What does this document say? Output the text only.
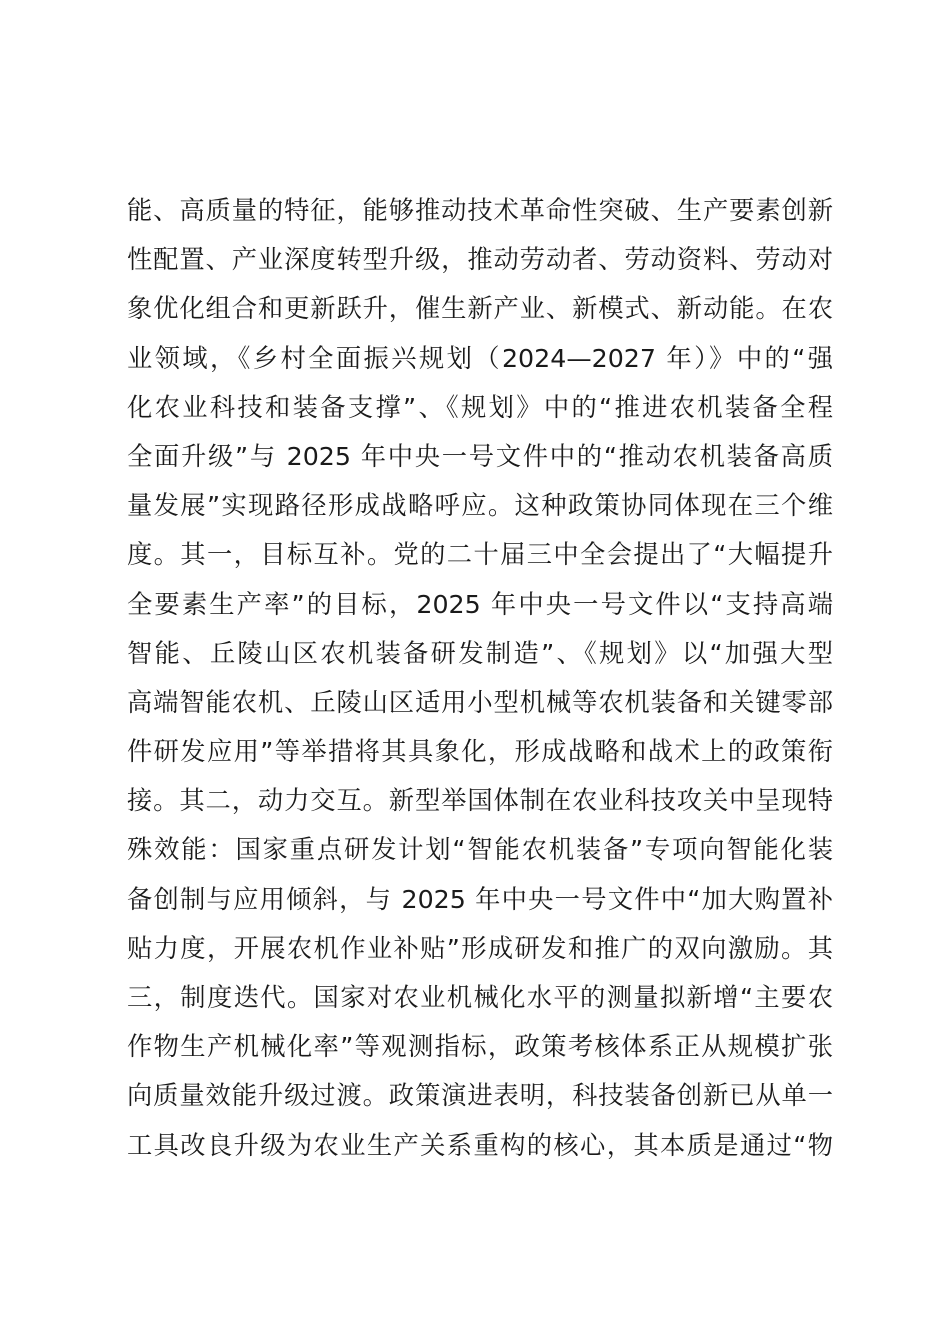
能、高质量的特征，能够推动技术革命性突破、生产要素创新
性配置、产业深度转型升级，推动劳动者、劳动资料、劳动对
象优化组合和更新跃升，催生新产业、新模式、新动能。在农
业领域，《乡村全面振兴规划（2024—2027 年）》中的“强
化农业科技和装备支撑”、《规划》中的“推进农机装备全程
全面升级”与 2025 年中央一号文件中的“推动农机装备高质
量发展”实现路径形成战略呼应。这种政策协同体现在三个维
度。其一，目标互补。党的二十届三中全会提出了“大幅提升
全要素生产率”的目标，2025 年中央一号文件以“支持高端
智能、丘陵山区农机装备研发制造”、《规划》以“加强大型
高端智能农机、丘陵山区适用小型机械等农机装备和关键零部
件研发应用”等举措将其具象化，形成战略和战术上的政策衔
接。其二，动力交互。新型举国体制在农业科技攻关中呈现特
殊效能：国家重点研发计划“智能农机装备”专项向智能化装
备创制与应用倾斜，与 2025 年中央一号文件中“加大购置补
贴力度，开展农机作业补贴”形成研发和推广的双向激励。其
三，制度迭代。国家对农业机械化水平的测量拟新增“主要农
作物生产机械化率”等观测指标，政策考核体系正从规模扩张
向质量效能升级过渡。政策演进表明，科技装备创新已从单一
工具改良升级为农业生产关系重构的核心，其本质是通过“物
